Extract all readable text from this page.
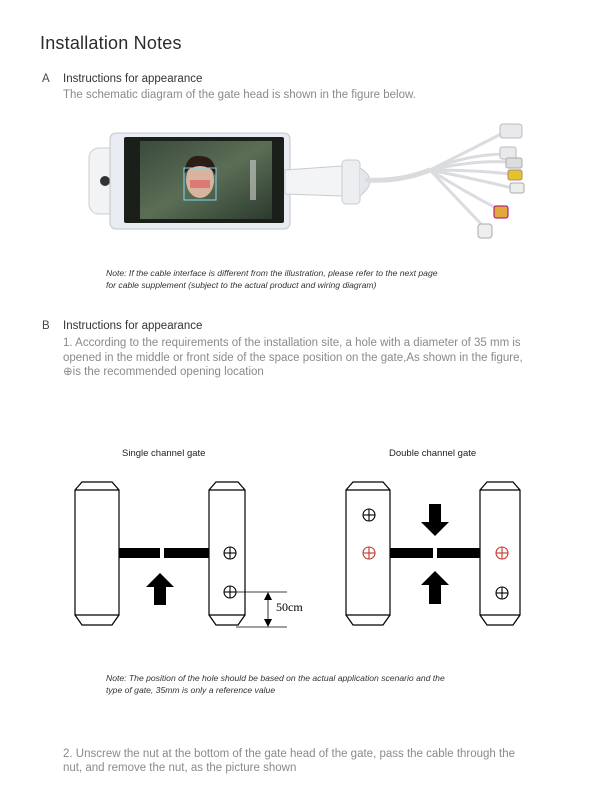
Installation Notes
A Instructions for appearance
The schematic diagram of the gate head is shown in the figure below.
Note: If the cable interface is different from the illustration, please refer to the next page
for cable supplement (subject to the actual product and wiring diagram)
B Instructions for appearance
1. According to the requirements of the installation site, a hole with a diameter of 35 mm is
opened in the middle or front side of the space position on the gate,As shown in the figure,
⊕is the recommended opening location
Single channel gate	Double channel gate
50cm
Note: The position of the hole should be based on the actual application scenario and the
type of gate, 35mm is only a reference value
2. Unscrew the nut at the bottom of the gate head of the gate, pass the cable through the
nut, and remove the nut, as the picture shown
